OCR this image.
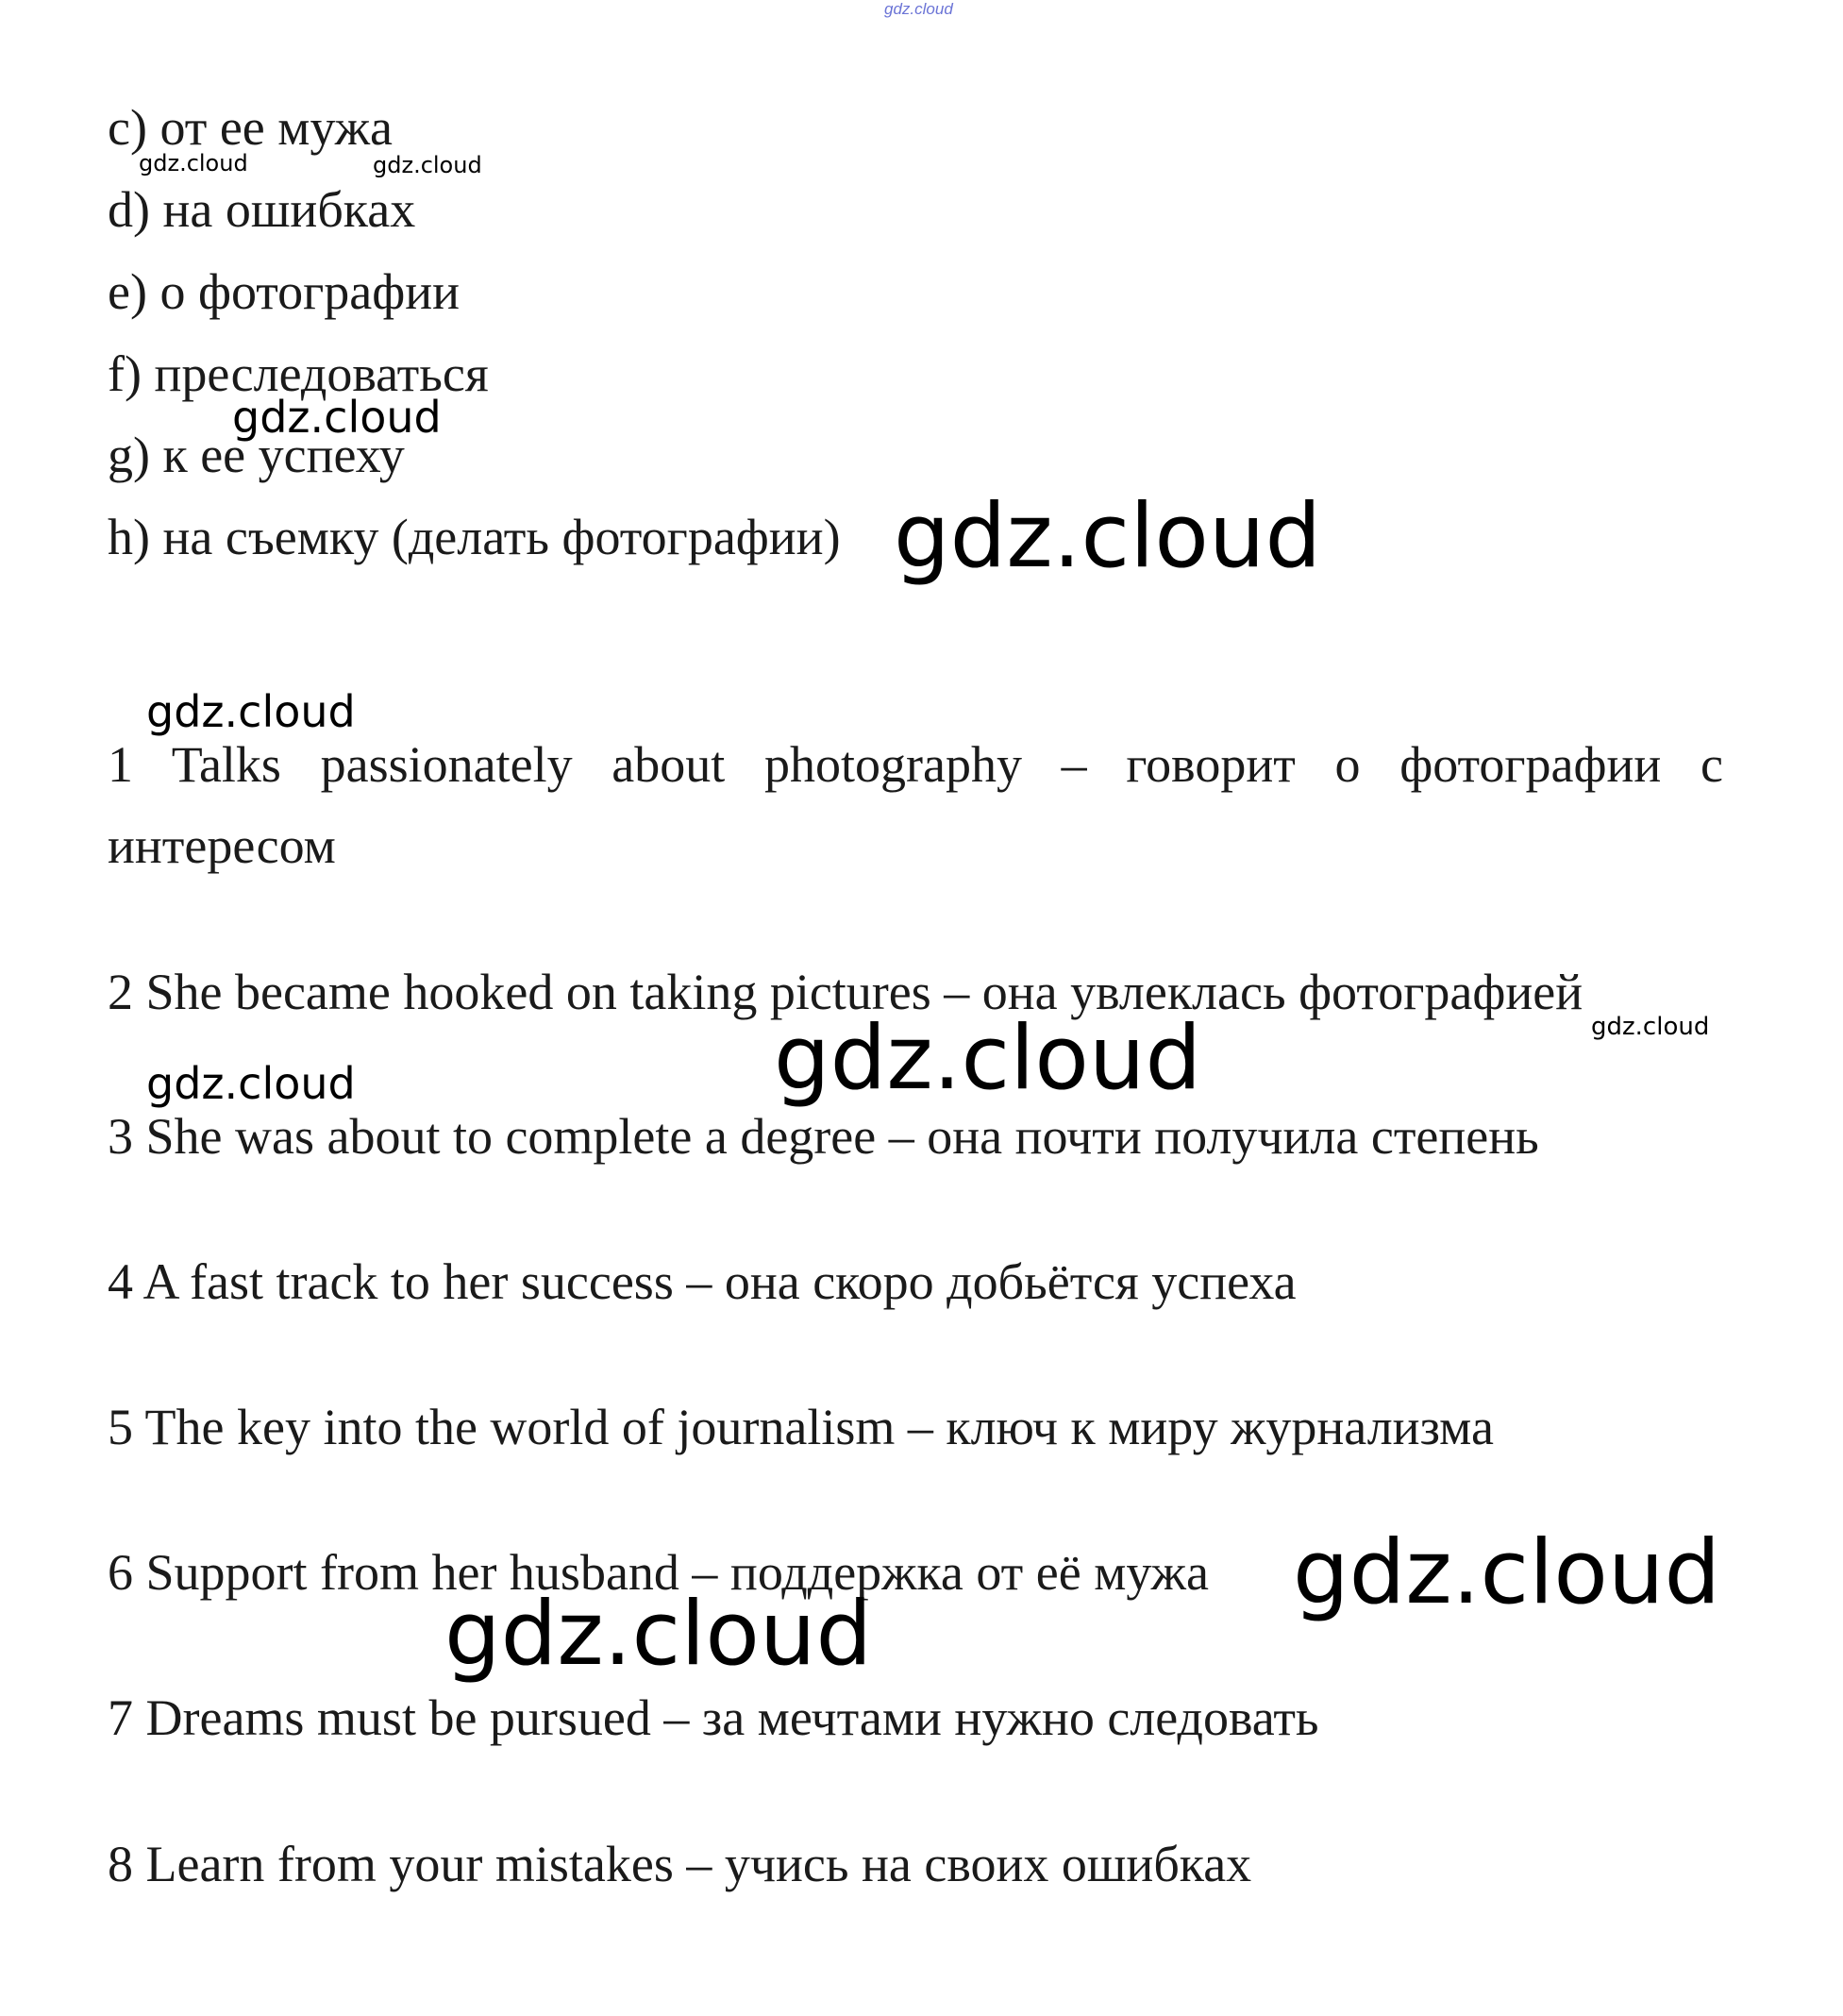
gdz.cloud
c) от ее мужа
d) на ошибках
e) о фотографии
f) преследоваться
g) к ее успеху
h) на съемку (делать фотографии)
1 Talks passionately about photography – говорит о фотографии с
интересом
2 She became hooked on taking pictures – она увлеклась фотографией
3 She was about to complete a degree – она почти получила степень
4 A fast track to her success – она скоро добьётся успеха
5 The key into the world of journalism – ключ к миру журнализма
6 Support from her husband – поддержка от её мужа
7 Dreams must be pursued – за мечтами нужно следовать
8 Learn from your mistakes – учись на своих ошибках
gdz.cloud	gdz.cloud
gdz.cloud
gdz.cloud
gdz.cloud
gdz.cloud	gdz.cloud
gdz.cloud
gdz.cloud
gdz.cloud
